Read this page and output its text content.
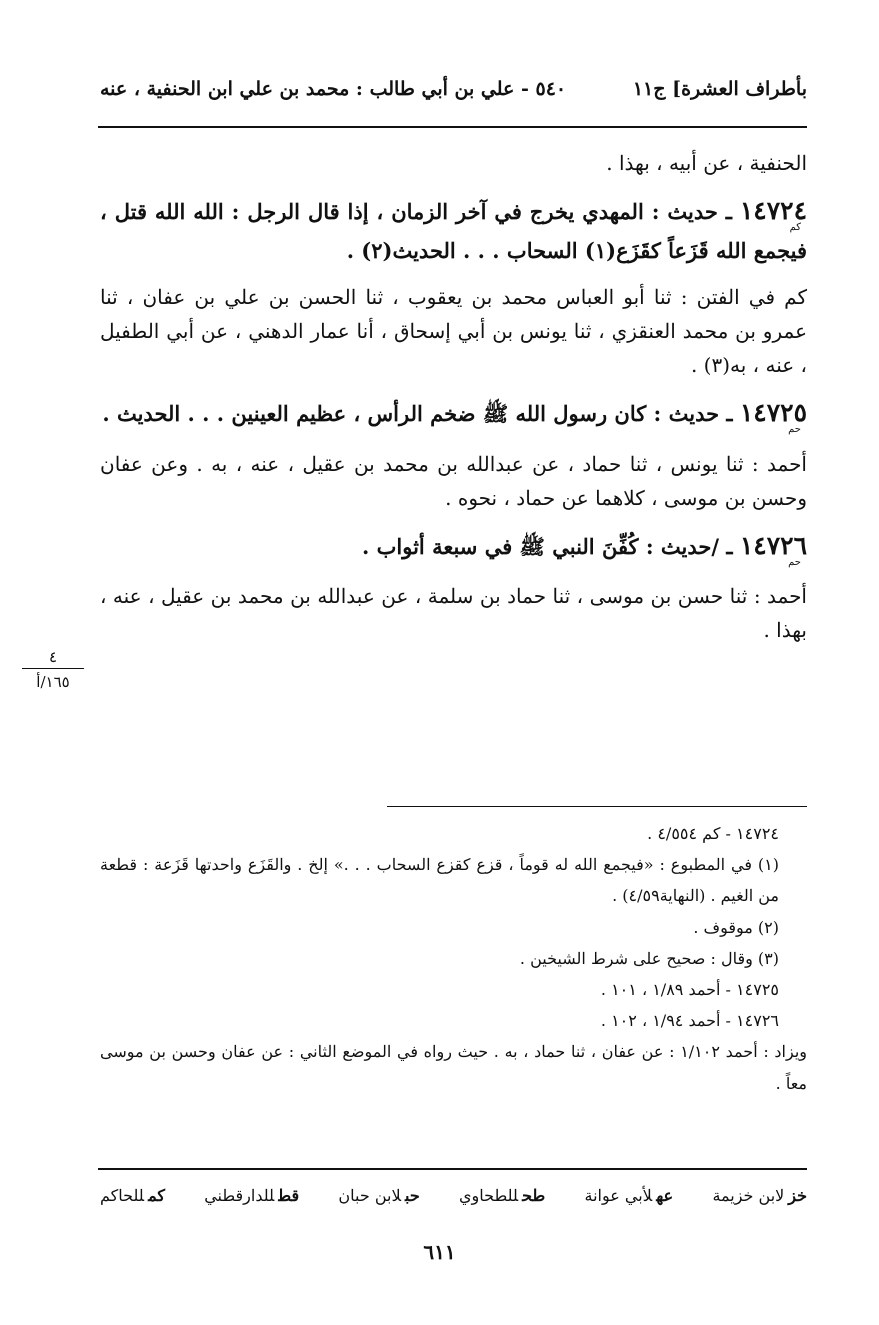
بأطراف العشرة] ج١١
٥٤٠ - علي بن أبي طالب : محمد بن علي ابن الحنفية ، عنه
٤
١٦٥/أ

الحنفية ، عن أبيه ، بهذا .

١٤٧٢٤
كم
ـ حديث : المهدي يخرج في آخر الزمان ، إذا قال الرجل : الله الله قتل ، فيجمع الله قَزَعاً كقَزَع(١) السحاب . . . الحديث(٢) .

كم في الفتن : ثنا أبو العباس محمد بن يعقوب ، ثنا الحسن بن علي بن عفان ، ثنا عمرو بن محمد العنقزي ، ثنا يونس بن أبي إسحاق ، أنا عمار الدهني ، عن أبي الطفيل ، عنه ، به(٣) .

١٤٧٢٥
حم
ـ حديث : كان رسول الله ﷺ ضخم الرأس ، عظيم العينين . . . الحديث .

أحمد : ثنا يونس ، ثنا حماد ، عن عبدالله بن محمد بن عقيل ، عنه ، به . وعن عفان وحسن بن موسى ، كلاهما عن حماد ، نحوه .

١٤٧٢٦
حم
ـ /حديث : كُفِّنَ النبي ﷺ في سبعة أثواب .

أحمد : ثنا حسن بن موسى ، ثنا حماد بن سلمة ، عن عبدالله بن محمد بن عقيل ، عنه ، بهذا .

١٤٧٢٤ - كم ٤/٥٥٤ .

(١) في المطبوع : «فيجمع الله له قوماً ، قزع كقزع السحاب . . .» إلخ . والقَزَع واحدتها قَزَعة : قطعة من الغيم . (النهاية٤/٥٩) .

(٢) موقوف .

(٣) وقال : صحيح على شرط الشيخين .

١٤٧٢٥ - أحمد ١/٨٩ ، ١٠١ .

١٤٧٢٦ - أحمد ١/٩٤ ، ١٠٢ .

ويزاد : أحمد ١/١٠٢ : عن عفان ، ثنا حماد ، به . حيث رواه في الموضع الثاني : عن عفان وحسن بن موسى معاً .

خزلابن خزيمة
عهلأبي عوانة
طحللطحاوي
حبلابن حبان
قطللدارقطني
كمللحاكم
٦١١
